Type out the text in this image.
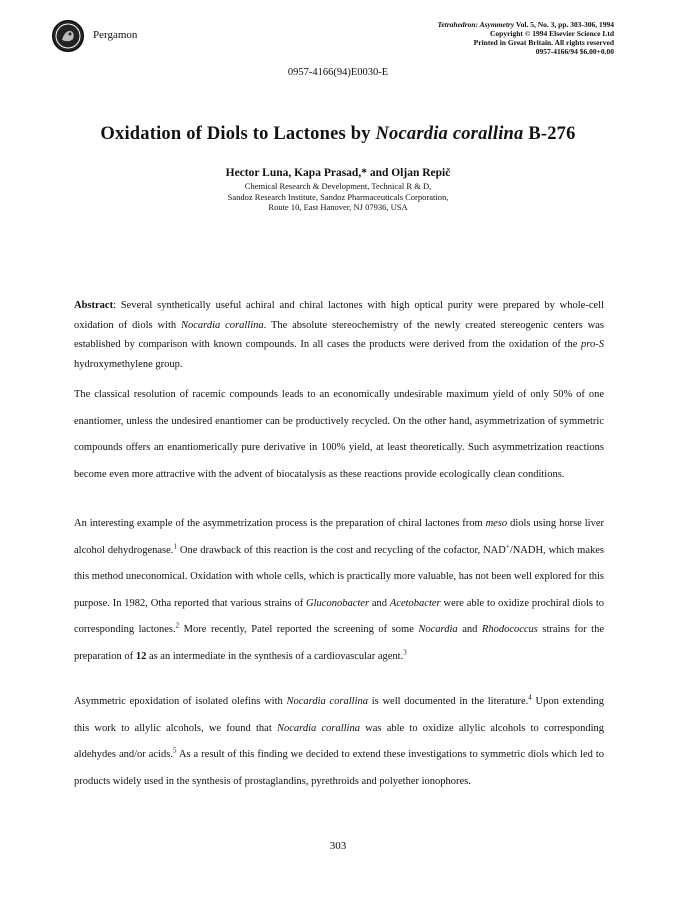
Pergamon
Tetrahedron: Asymmetry Vol. 5, No. 3, pp. 303-306, 1994
Copyright © 1994 Elsevier Science Ltd
Printed in Great Britain. All rights reserved
0957-4166/94 $6.00+0.00
0957-4166(94)E0030-E
Oxidation of Diols to Lactones by Nocardia corallina B-276
Hector Luna, Kapa Prasad,* and Oljan Repič
Chemical Research & Development, Technical R & D,
Sandoz Research Institute, Sandoz Pharmaceuticals Corporation,
Route 10, East Hanover, NJ 07936, USA

Abstract: Several synthetically useful achiral and chiral lactones with high optical purity were prepared by whole-cell oxidation of diols with Nocardia corallina. The absolute stereochemistry of the newly created stereogenic centers was established by comparison with known compounds. In all cases the products were derived from the oxidation of the pro-S hydroxymethylene group.

The classical resolution of racemic compounds leads to an economically undesirable maximum yield of only 50% of one enantiomer, unless the undesired enantiomer can be productively recycled. On the other hand, asymmetrization of symmetric compounds offers an enantiomerically pure derivative in 100% yield, at least theoretically. Such asymmetrization reactions become even more attractive with the advent of biocatalysis as these reactions provide ecologically clean conditions.

An interesting example of the asymmetrization process is the preparation of chiral lactones from meso diols using horse liver alcohol dehydrogenase.$^1$ One drawback of this reaction is the cost and recycling of the cofactor, NAD+/NADH, which makes this method uneconomical. Oxidation with whole cells, which is practically more valuable, has not been well explored for this purpose. In 1982, Otha reported that various strains of Gluconobacter and Acetobacter were able to oxidize prochiral diols to corresponding lactones.$^2$ More recently, Patel reported the screening of some Nocardia and Rhodococcus strains for the preparation of 12 as an intermediate in the synthesis of a cardiovascular agent.$^3$

Asymmetric epoxidation of isolated olefins with Nocardia corallina is well documented in the literature.$^4$ Upon extending this work to allylic alcohols, we found that Nocardia corallina was able to oxidize allylic alcohols to corresponding aldehydes and/or acids.$^5$ As a result of this finding we decided to extend these investigations to symmetric diols which led to products widely used in the synthesis of prostaglandins, pyrethroids and polyether ionophores.

303
